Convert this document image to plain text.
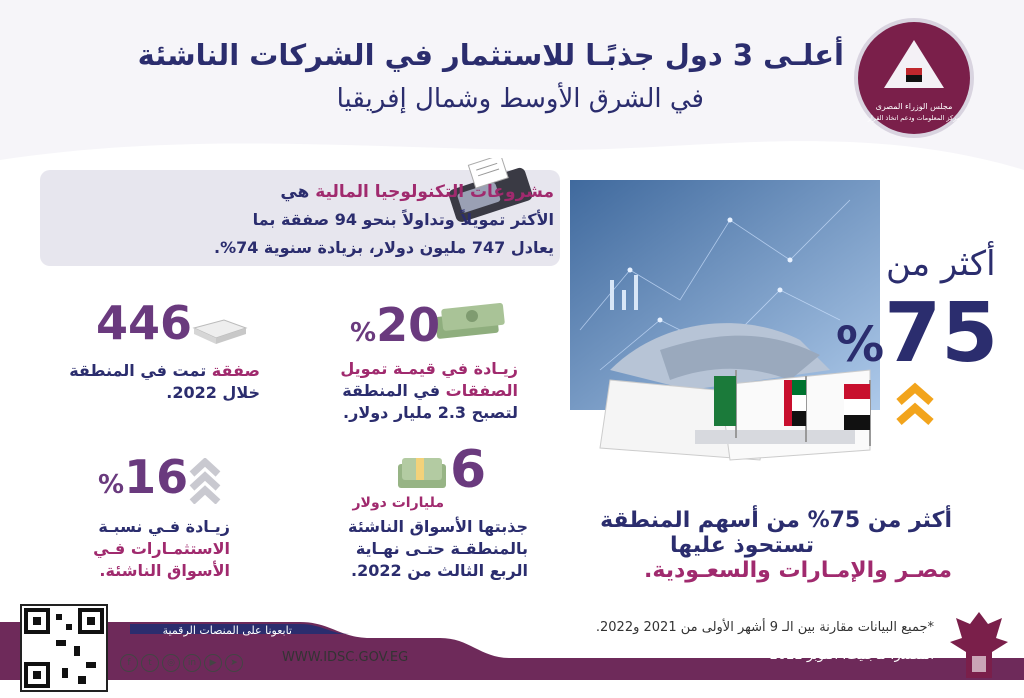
مجلس الوزراء المصرى
مركز المعلومات ودعم اتخاذ القرار
أعلـى 3 دول جذبًـا للاستثمار في الشركات الناشئة
في الشرق الأوسط وشمال إفريقيا
مشروعات التكنولوجيا المالية هي
الأكثر تمويلاً وتداولاً بنحو 94 صفقة بما
يعادل 747 مليون دولار، بزيادة سنوية 74%.
446
صفقة تمت في المنطقة
خلال 2022.
%20
زيـادة في قيمـة تمويل
الصفقات في المنطقة
لتصبح 2.3 مليار دولار.
%16
زيـادة فـي نسبـة
الاستثمـارات فـي
الأسواق الناشئة.
6
مليارات دولار
جذبتها الأسواق الناشئة
بالمنطقـة حتـى نهـاية
الربع الثالث من 2022.
أكثر من
%75
أكثر من 75% من أسهم المنطقة
تستحوذ عليها
مصـر والإمـارات والسعـودية.
تابعونا على المنصات الرقمية
f t ◎ in ▶ ➤	WWW.IDSC.GOV.EG
*جميع البيانات مقارنة بين الـ 9 أشهر الأولى من 2021 و2022.
المصدر: ماجنيت، أكتوبر 2022
